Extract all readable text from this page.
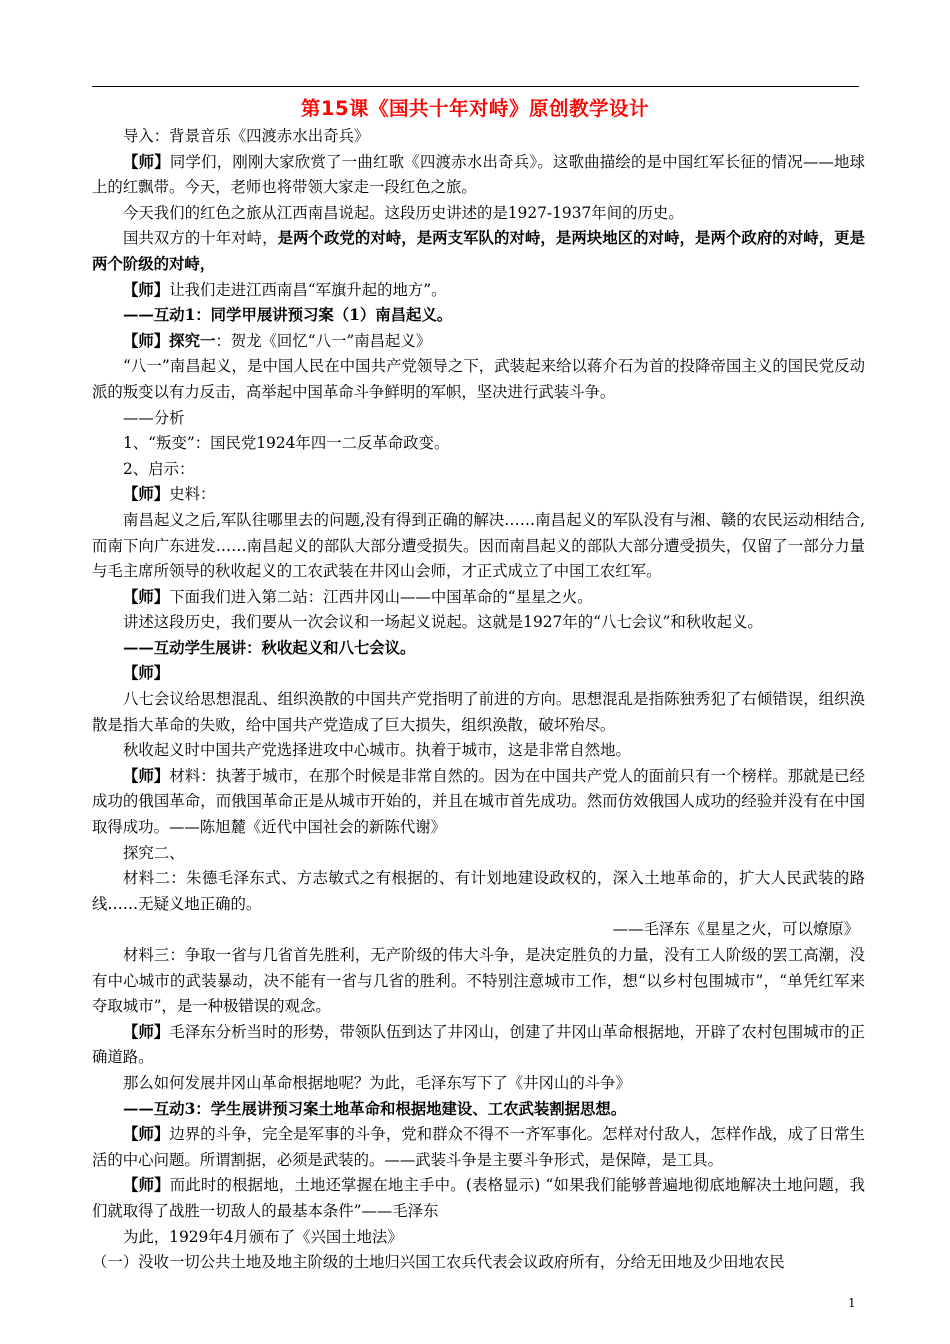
第15课《国共十年对峙》原创教学设计

导入：背景音乐《四渡赤水出奇兵》

【师】同学们，刚刚大家欣赏了一曲红歌《四渡赤水出奇兵》。这歌曲描绘的是中国红军长征的情况——地球上的红飘带。今天，老师也将带领大家走一段红色之旅。

今天我们的红色之旅从江西南昌说起。这段历史讲述的是1927-1937年间的历史。

国共双方的十年对峙，是两个政党的对峙，是两支军队的对峙，是两块地区的对峙，是两个政府的对峙，更是两个阶级的对峙，

【师】让我们走进江西南昌“军旗升起的地方”。

——互动1：同学甲展讲预习案（1）南昌起义。

【师】探究一：贺龙《回忆“八一”南昌起义》

“八一”南昌起义，是中国人民在中国共产党领导之下，武装起来给以蒋介石为首的投降帝国主义的国民党反动派的叛变以有力反击，高举起中国革命斗争鲜明的军帜，坚决进行武装斗争。

——分析

1、“叛变”：国民党1924年四一二反革命政变。

2、启示：

【师】史料：

南昌起义之后,军队往哪里去的问题,没有得到正确的解决……南昌起义的军队没有与湘、赣的农民运动相结合,而南下向广东进发……南昌起义的部队大部分遭受损失。因而南昌起义的部队大部分遭受损失，仅留了一部分力量与毛主席所领导的秋收起义的工农武装在井冈山会师，才正式成立了中国工农红军。

【师】下面我们进入第二站：江西井冈山——中国革命的“星星之火。

讲述这段历史，我们要从一次会议和一场起义说起。这就是1927年的“八七会议”和秋收起义。

——互动学生展讲：秋收起义和八七会议。

【师】

八七会议给思想混乱、组织涣散的中国共产党指明了前进的方向。思想混乱是指陈独秀犯了右倾错误，组织涣散是指大革命的失败，给中国共产党造成了巨大损失，组织涣散，破坏殆尽。

秋收起义时中国共产党选择进攻中心城市。执着于城市，这是非常自然地。

【师】材料：执著于城市，在那个时候是非常自然的。因为在中国共产党人的面前只有一个榜样。那就是已经成功的俄国革命，而俄国革命正是从城市开始的，并且在城市首先成功。然而仿效俄国人成功的经验并没有在中国取得成功。——陈旭麓《近代中国社会的新陈代谢》

探究二、

材料二：朱德毛泽东式、方志敏式之有根据的、有计划地建设政权的，深入土地革命的，扩大人民武装的路线……无疑义地正确的。

——毛泽东《星星之火，可以燎原》

材料三：争取一省与几省首先胜利，无产阶级的伟大斗争，是决定胜负的力量，没有工人阶级的罢工高潮，没有中心城市的武装暴动，决不能有一省与几省的胜利。不特别注意城市工作，想“以乡村包围城市”，“单凭红军来夺取城市”，是一种极错误的观念。

【师】毛泽东分析当时的形势，带领队伍到达了井冈山，创建了井冈山革命根据地，开辟了农村包围城市的正确道路。

那么如何发展井冈山革命根据地呢？为此，毛泽东写下了《井冈山的斗争》

——互动3：学生展讲预习案土地革命和根据地建设、工农武装割据思想。

【师】边界的斗争，完全是军事的斗争，党和群众不得不一齐军事化。怎样对付敌人，怎样作战，成了日常生活的中心问题。所谓割据，必须是武装的。——武装斗争是主要斗争形式，是保障，是工具。

【师】而此时的根据地，土地还掌握在地主手中。(表格显示) “如果我们能够普遍地彻底地解决土地问题，我们就取得了战胜一切敌人的最基本条件”——毛泽东

为此，1929年4月颁布了《兴国土地法》

（一）没收一切公共土地及地主阶级的土地归兴国工农兵代表会议政府所有，分给无田地及少田地农民

1
